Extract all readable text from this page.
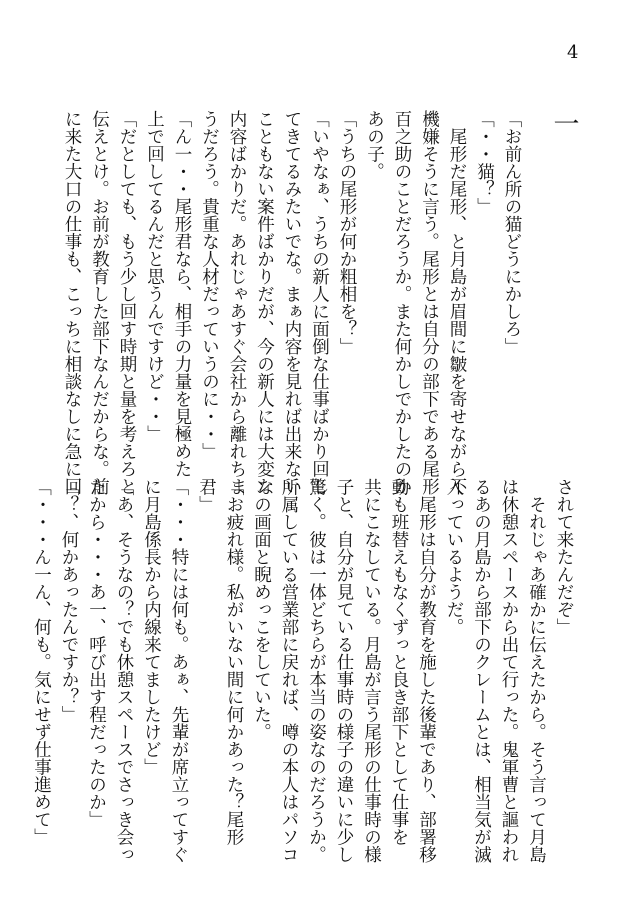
4
一
「お前ん所の猫どうにかしろ」
「・・猫？」
　尾形だ尾形、と月島が眉間に皺を寄せながら不
機嫌そうに言う。尾形とは自分の部下である尾形
百之助のことだろうか。また何かしでかしたのか
あの子。
「うちの尾形が何か粗相を？」
「いやなぁ、うちの新人に面倒な仕事ばかり回し
てきてるみたいでな。まぁ内容を見れば出来ない
こともない案件ばかりだが、今の新人には大変な
内容ばかりだ。あれじゃあすぐ会社から離れちま
うだろう。貴重な人材だっていうのに・・」
「ん一・・尾形君なら、相手の力量を見極めた
上で回してるんだと思うんですけど・・」
「だとしても、もう少し回す時期と量を考えろと
伝えとけ。お前が教育した部下なんだからな。前
に来た大口の仕事も、こっちに相談なしに急に回
されて来たんだぞ」
　それじゃあ確かに伝えたから。そう言って月島
は休憩スペースから出て行った。鬼軍曹と謳われ
るあの月島から部下のクレームとは、相当気が滅
入っているようだ。
　尾形は自分が教育を施した後輩であり、部署移
動も班替えもなくずっと良き部下として仕事を
共にこなしている。月島が言う尾形の仕事時の様
子と、自分が見ている仕事時の様子の違いに少し
驚く。彼は一体どちらが本当の姿なのだろうか。
所属している営業部に戻れば、噂の本人はパソコ
ンの画面と睨めっこをしていた。
「お疲れ様。私がいない間に何かあった？尾形
君」
「・・・特には何も。あぁ、先輩が席立ってすぐ
に月島係長から内線来てましたけど」
「あ、そうなの？でも休憩スペースでさっき会っ
たから・・・あ一、呼び出す程だったのか」
「？、何かあったんですか？」
「・・・ん一ん、何も。気にせず仕事進めて」
